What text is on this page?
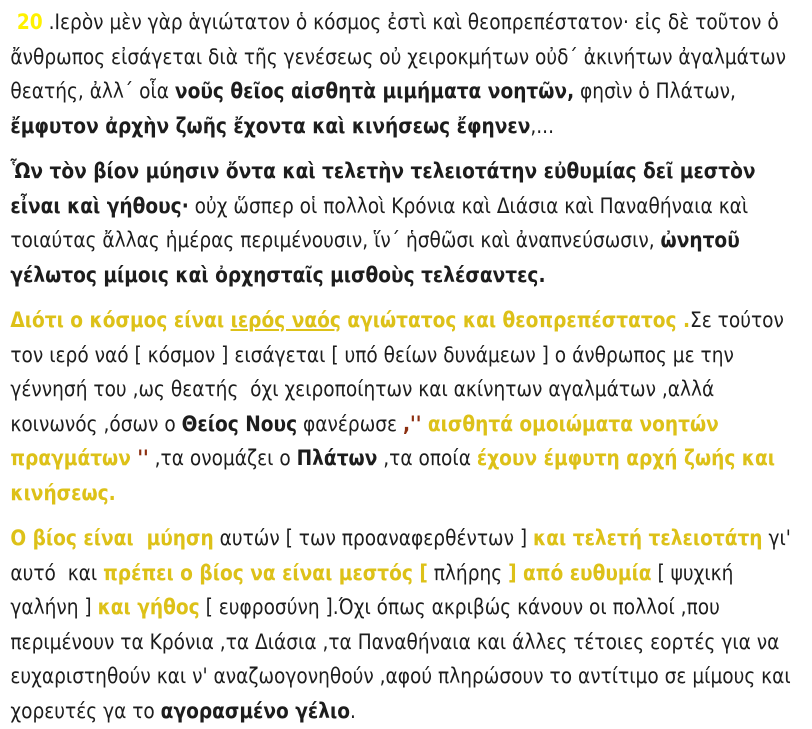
20 .Ιερὸν μὲν γὰρ ἁγιώτατον ὁ κόσμος ἐστὶ καὶ θεοπρεπέστατον· εἰς δὲ τοῦτον ὁ ἄνθρωπος εἰσάγεται διὰ τῆς γενέσεως οὐ χειροκμήτων οὐδ΄ ἀκινήτων ἀγαλμάτων θεατής, ἀλλ΄ οἷα νοῦς θεῖος αἰσθητὰ μιμήματα νοητῶν, φησὶν ὁ Πλάτων, ἔμφυτον ἀρχὴν ζωῆς ἔχοντα καὶ κινήσεως ἔφηνεν,...

Ὧν τὸν βίον μύησιν ὄντα καὶ τελετὴν τελειοτάτην εὐθυμίας δεῖ μεστὸν εἶναι καὶ γήθους· οὐχ ὥσπερ οἱ πολλοὶ Κρόνια καὶ Διάσια καὶ Παναθήναια καὶ τοιαύτας ἄλλας ἡμέρας περιμένουσιν, ἵν΄ ἡσθῶσι καὶ ἀναπνεύσωσιν, ὠνητοῦ γέλωτος μίμοις καὶ ὀρχησταῖς μισθοὺς τελέσαντες.

Διότι ο κόσμος είναι ιερός ναός αγιώτατος και θεοπρεπέστατος .Σε τούτον τον ιερό ναό [ κόσμον ] εισάγεται [ υπό θείων δυνάμεων ] ο άνθρωπος με την γέννησή του ,ως θεατής  όχι χειροποίητων και ακίνητων αγαλμάτων ,αλλά κοινωνός ,όσων ο Θείος Νους φανέρωσε ,'' αισθητά ομοιώματα νοητών πραγμάτων '' ,τα ονομάζει ο Πλάτων ,τα οποία έχουν έμφυτη αρχή ζωής και κινήσεως.

Ο βίος είναι  μύηση αυτών [ των προαναφερθέντων ] και τελετή τελειοτάτη γι' αυτό  και πρέπει ο βίος να είναι μεστός [ πλήρης ] από ευθυμία [ ψυχική γαλήνη ] και γήθος [ ευφροσύνη ].Όχι όπως ακριβώς κάνουν οι πολλοί ,που περιμένουν τα Κρόνια ,τα Διάσια ,τα Παναθήναια και άλλες τέτοιες εορτές για να ευχαριστηθούν και ν' αναζωογονηθούν ,αφού πληρώσουν το αντίτιμο σε μίμους και χορευτές γα το αγορασμένο γέλιο.
